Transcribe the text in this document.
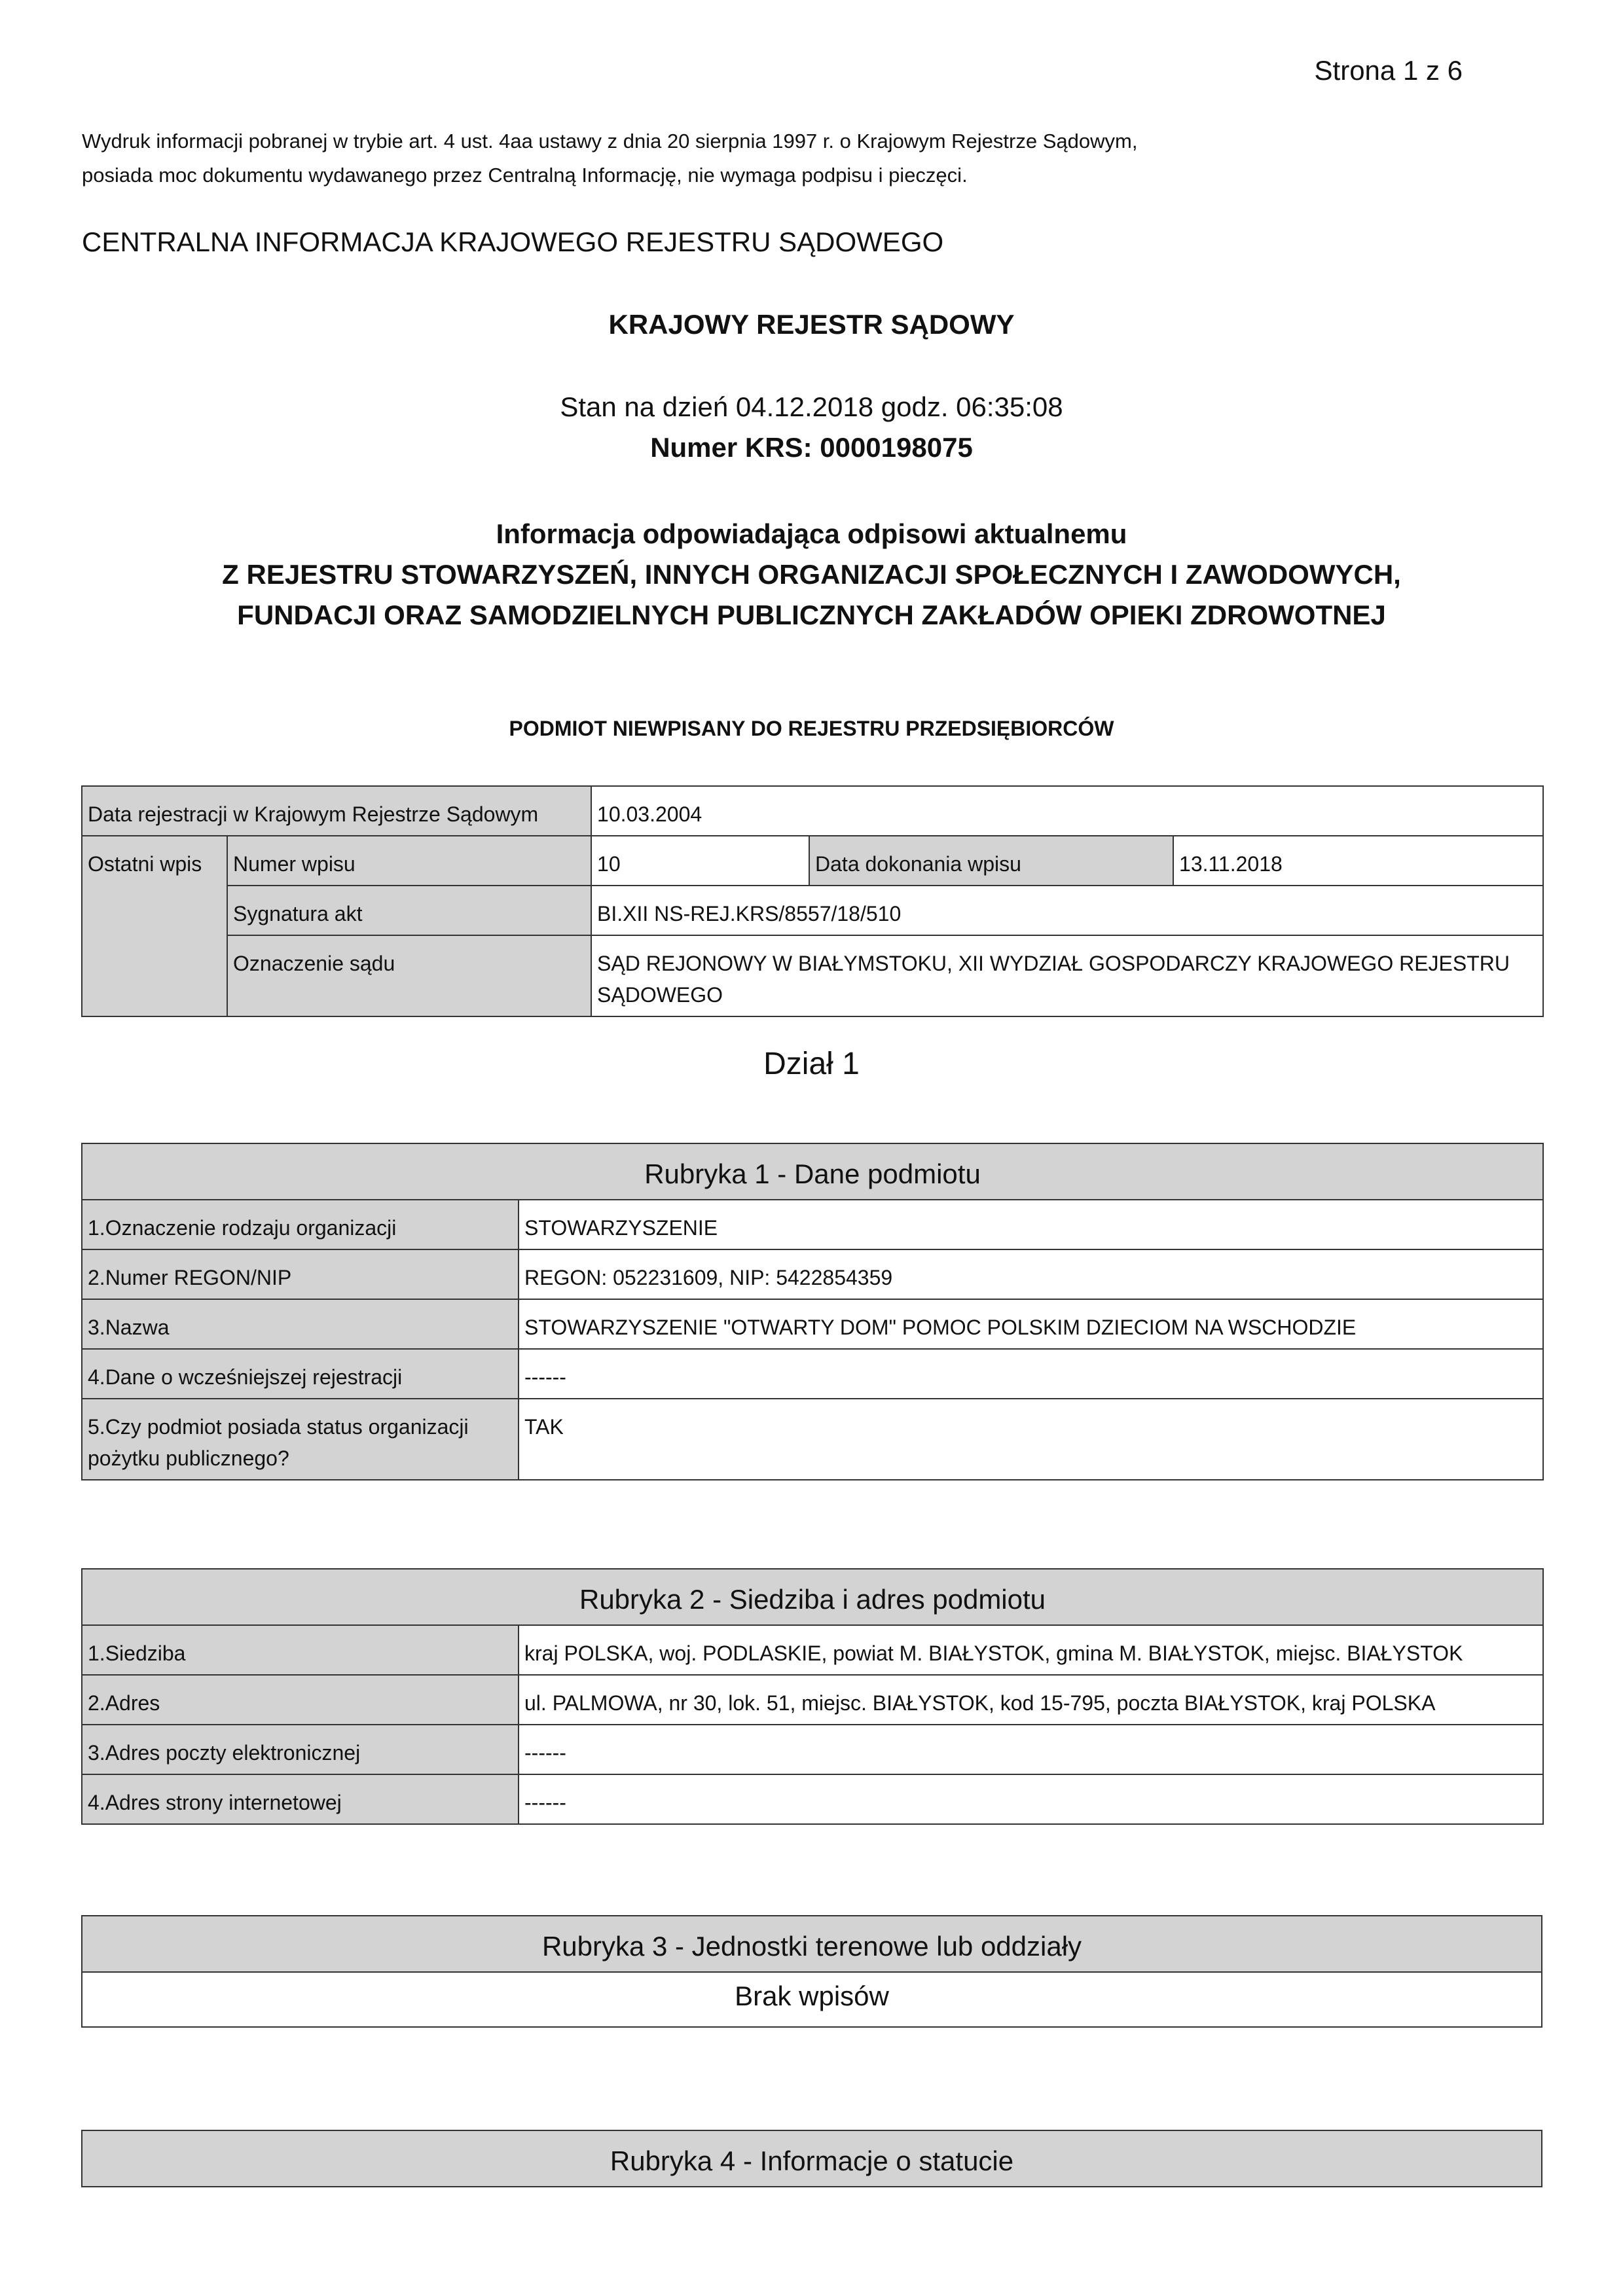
Strona 1 z 6
Wydruk informacji pobranej w trybie art. 4 ust. 4aa ustawy z dnia 20 sierpnia 1997 r. o Krajowym Rejestrze Sądowym,
posiada moc dokumentu wydawanego przez Centralną Informację, nie wymaga podpisu i pieczęci.
CENTRALNA INFORMACJA KRAJOWEGO REJESTRU SĄDOWEGO
KRAJOWY REJESTR SĄDOWY
Stan na dzień 04.12.2018 godz. 06:35:08
Numer KRS: 0000198075
Informacja odpowiadająca odpisowi aktualnemu
Z REJESTRU STOWARZYSZEŃ, INNYCH ORGANIZACJI SPOŁECZNYCH I ZAWODOWYCH,
FUNDACJI ORAZ SAMODZIELNYCH PUBLICZNYCH ZAKŁADÓW OPIEKI ZDROWOTNEJ
PODMIOT NIEWPISANY DO REJESTRU PRZEDSIĘBIORCÓW
Data rejestracji w Krajowym Rejestrze Sądowym		10.03.2004		
Ostatni wpis	Numer wpisu	10	Data dokonania wpisu	13.11.2018
	Sygnatura akt	BI.XII NS-REJ.KRS/8557/18/510		
	Oznaczenie sądu	SĄD REJONOWY W BIAŁYMSTOKU, XII WYDZIAŁ GOSPODARCZY KRAJOWEGO REJESTRU SĄDOWEGO		
Dział 1
Rubryka 1 - Dane podmiotu	
1.Oznaczenie rodzaju organizacji	STOWARZYSZENIE
2.Numer REGON/NIP	REGON: 052231609, NIP: 5422854359
3.Nazwa	STOWARZYSZENIE "OTWARTY DOM" POMOC POLSKIM DZIECIOM NA WSCHODZIE
4.Dane o wcześniejszej rejestracji	------
5.Czy podmiot posiada status organizacji pożytku publicznego?	TAK
Rubryka 2 - Siedziba i adres podmiotu	
1.Siedziba	kraj POLSKA, woj. PODLASKIE, powiat M. BIAŁYSTOK, gmina M. BIAŁYSTOK, miejsc. BIAŁYSTOK
2.Adres	ul. PALMOWA, nr 30, lok. 51, miejsc. BIAŁYSTOK, kod 15-795, poczta BIAŁYSTOK, kraj POLSKA
3.Adres poczty elektronicznej	------
4.Adres strony internetowej	------
Rubryka 3 - Jednostki terenowe lub oddziały
Brak wpisów
Rubryka 4 - Informacje o statucie
